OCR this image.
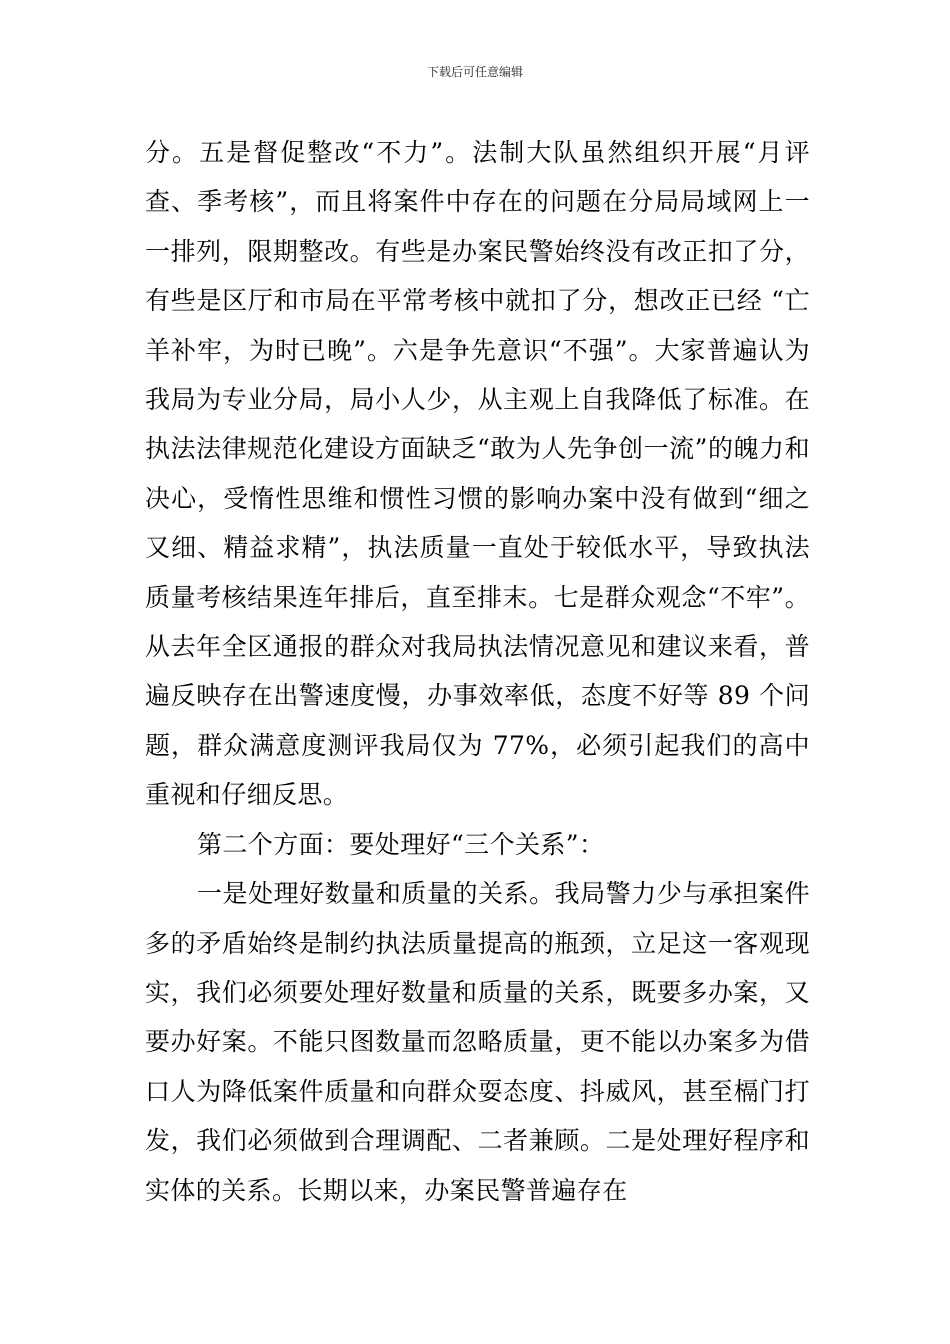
下载后可任意编辑

分。五是督促整改“不力”。法制大队虽然组织开展“月评查、季考核”，而且将案件中存在的问题在分局局域网上一一排列，限期整改。有些是办案民警始终没有改正扣了分，有些是区厅和市局在平常考核中就扣了分，想改正已经 “亡羊补牢，为时已晚”。六是争先意识“不强”。大家普遍认为我局为专业分局，局小人少，从主观上自我降低了标准。在执法法律规范化建设方面缺乏“敢为人先争创一流”的魄力和决心，受惰性思维和惯性习惯的影响办案中没有做到“细之又细、精益求精”，执法质量一直处于较低水平，导致执法质量考核结果连年排后，直至排末。七是群众观念“不牢”。从去年全区通报的群众对我局执法情况意见和建议来看，普遍反映存在出警速度慢，办事效率低，态度不好等 89 个问题，群众满意度测评我局仅为 77%，必须引起我们的高中重视和仔细反思。

第二个方面：要处理好“三个关系”：

一是处理好数量和质量的关系。我局警力少与承担案件多的矛盾始终是制约执法质量提高的瓶颈，立足这一客观现实，我们必须要处理好数量和质量的关系，既要多办案，又要办好案。不能只图数量而忽略质量，更不能以办案多为借口人为降低案件质量和向群众耍态度、抖威风，甚至槅门打发，我们必须做到合理调配、二者兼顾。二是处理好程序和实体的关系。长期以来，办案民警普遍存在
